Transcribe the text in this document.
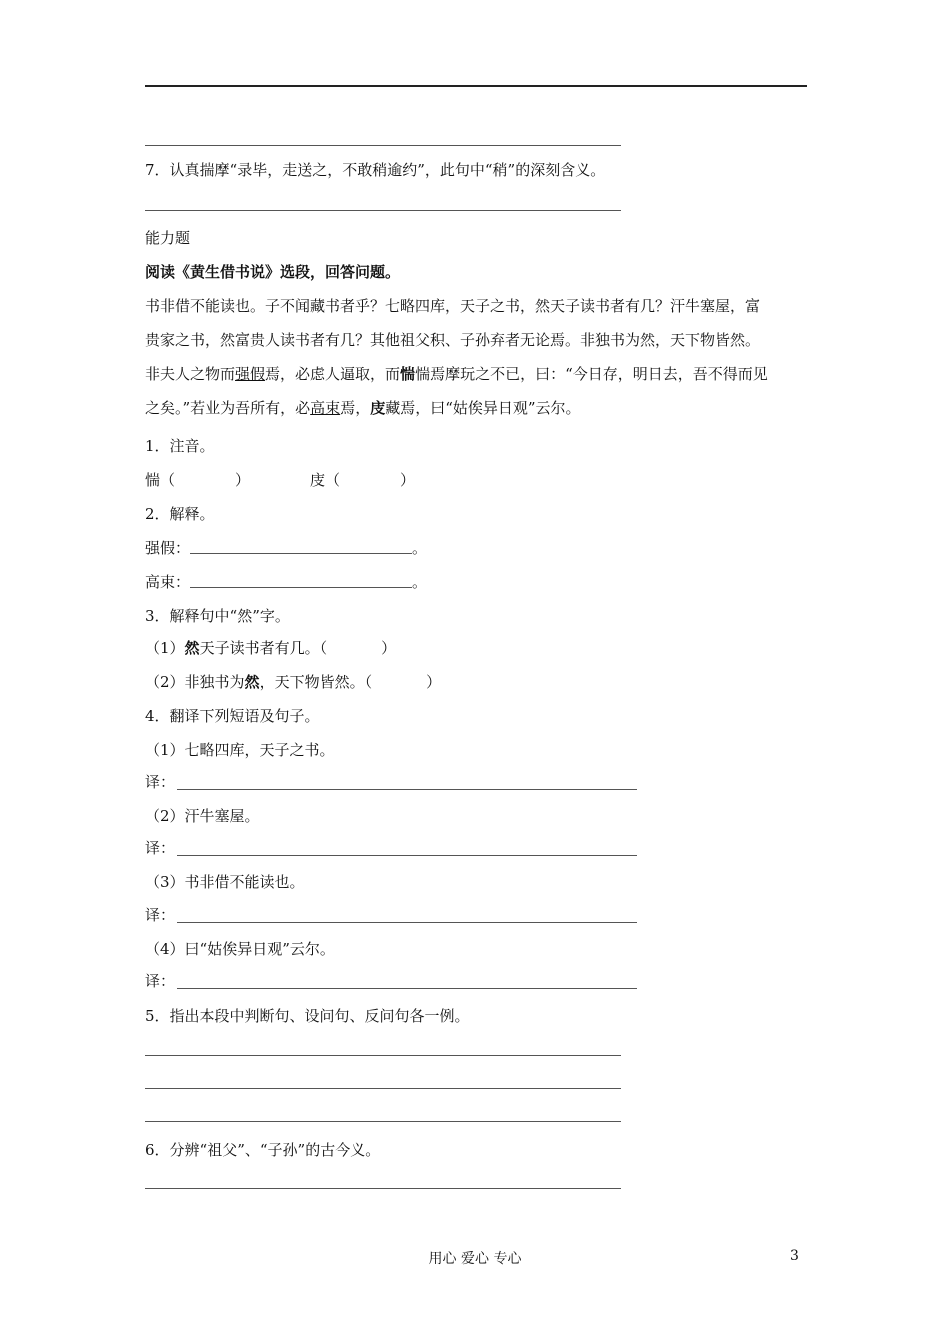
7．认真揣摩“录毕，走送之，不敢稍逾约”，此句中“稍”的深刻含义。
能力题
阅读《黄生借书说》选段，回答问题。
书非借不能读也。子不闻藏书者乎？七略四库，天子之书，然天子读书者有几？汗牛塞屋，富
贵家之书，然富贵人读书者有几？其他祖父积、子孙弃者无论焉。非独书为然，天下物皆然。
非夫人之物而强假焉，必虑人逼取，而惴惴焉摩玩之不已，曰：“今日存，明日去，吾不得而见
之矣。”若业为吾所有，必高束焉，庋藏焉，曰“姑俟异日观”云尔。
1．注音。
惴（	）	庋（	）
2．解释。
强假：	。
高束：	。
3．解释句中“然”字。
（1）然天子读书者有几。（	）
（2）非独书为然，天下物皆然。（	）
4．翻译下列短语及句子。
（1）七略四库，天子之书。
译：
（2）汗牛塞屋。
译：
（3）书非借不能读也。
译：
（4）曰“姑俟异日观”云尔。
译：
5．指出本段中判断句、设问句、反问句各一例。
6．分辨“祖父”、“子孙”的古今义。
用心 爱心 专心	3
